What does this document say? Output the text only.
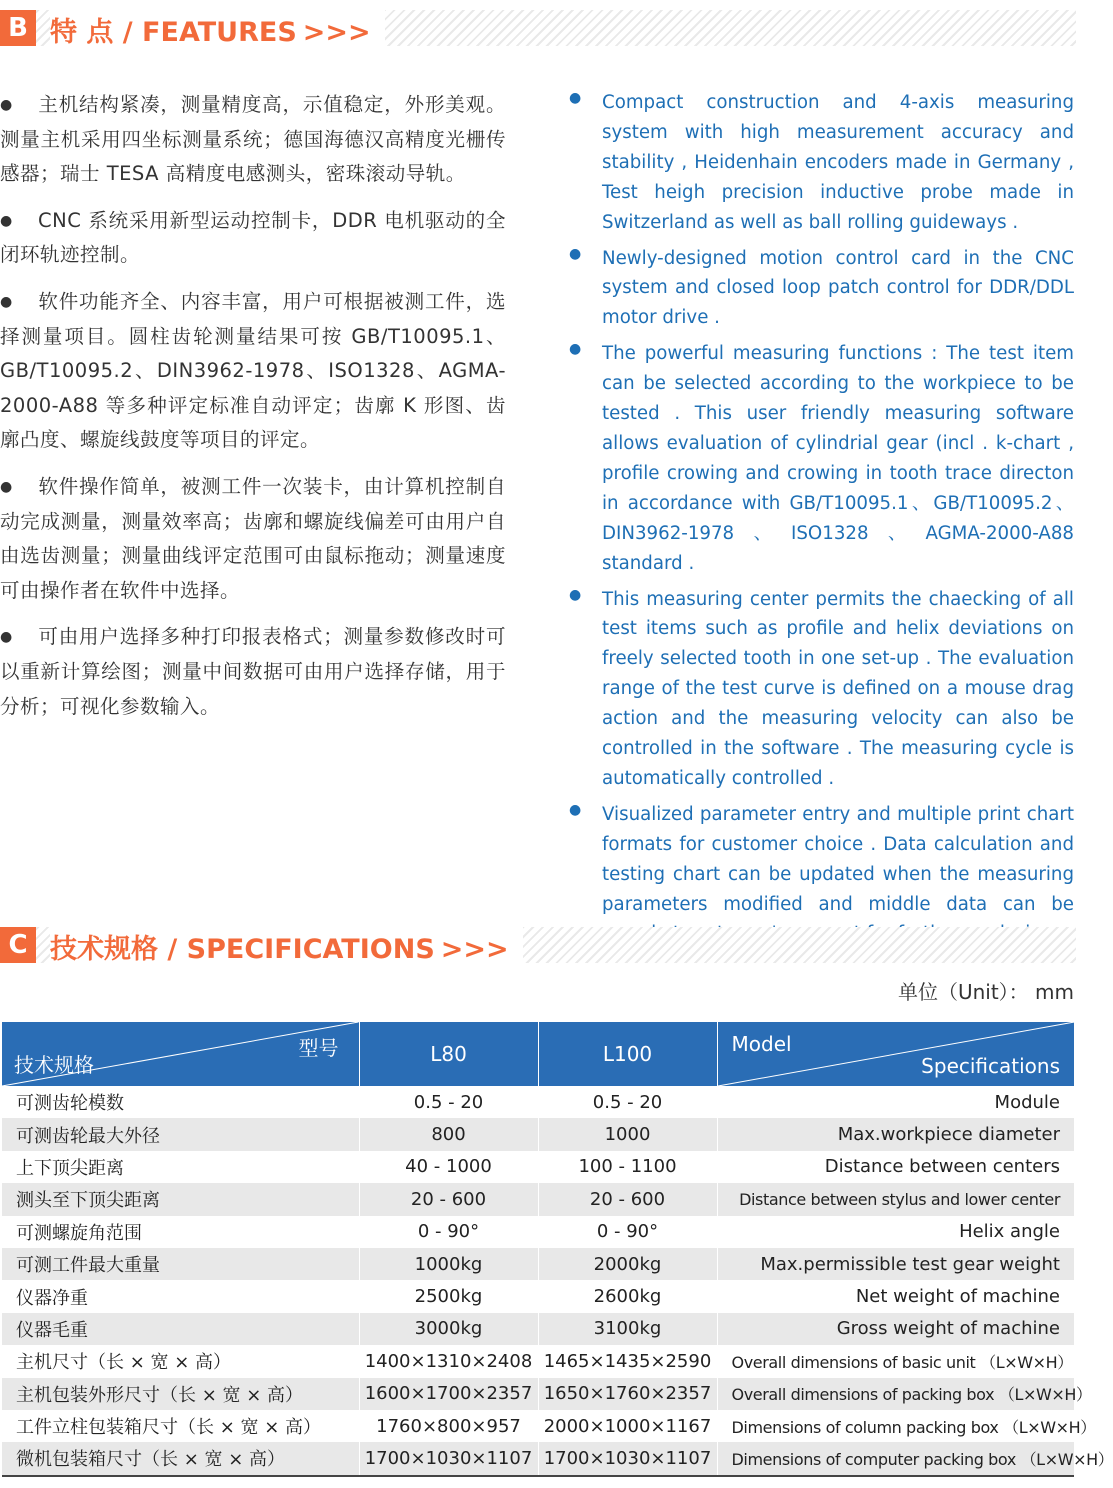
B 特 点 / FEATURES >>>
● 主机结构紧凑，测量精度高，示值稳定，外形美观。测量主机采用四坐标测量系统；德国海德汉高精度光栅传感器；瑞士 TESA 高精度电感测头，密珠滚动导轨。
● CNC 系统采用新型运动控制卡，DDR 电机驱动的全闭环轨迹控制。
● 软件功能齐全、内容丰富，用户可根据被测工件，选择测量项目。圆柱齿轮测量结果可按 GB/T10095.1、GB/T10095.2、DIN3962-1978、ISO1328、AGMA-2000-A88 等多种评定标准自动评定；齿廓 K 形图、齿廓凸度、螺旋线鼓度等项目的评定。
● 软件操作简单，被测工件一次装卡，由计算机控制自动完成测量，测量效率高；齿廓和螺旋线偏差可由用户自由选齿测量；测量曲线评定范围可由鼠标拖动；测量速度可由操作者在软件中选择。
● 可由用户选择多种打印报表格式；测量参数修改时可以重新计算绘图；测量中间数据可由用户选择存储，用于分析；可视化参数输入。
● Compact construction and 4-axis measuring system with high measurement accuracy and stability , Heidenhain encoders made in Germany , Test heigh precision inductive probe made in Switzerland as well as ball rolling guideways .
● Newly-designed motion control card in the CNC system and closed loop patch control for DDR/DDL motor drive .
● The powerful measuring functions : The test item can be selected according to the workpiece to be tested . This user friendly measuring software allows evaluation of cylindrial gear (incl . k-chart , profile crowing and crowing in tooth trace directon in accordance with GB/T10095.1、GB/T10095.2、DIN3962-1978、ISO1328、AGMA-2000-A88 standard .
● This measuring center permits the chaecking of all test items such as profile and helix deviations on freely selected tooth in one set-up . The evaluation range of the test curve is defined on a mouse drag action and the measuring velocity can also be controlled in the software . The measuring cycle is automatically controlled .
● Visualized parameter entry and multiple print chart formats for customer choice . Data calculation and testing chart can be updated when the measuring parameters modified and middle data can be
C 技术规格 / SPECIFICATIONS >>>
单位（Unit）： mm
型号
技术规格	L80	L100	Model
Specifications

可测齿轮模数	0.5 - 20	0.5 - 20	Module
可测齿轮最大外径	800	1000	Max.workpiece diameter
上下顶尖距离	40 - 1000	100 - 1100	Distance between centers
测头至下顶尖距离	20 - 600	20 - 600	Distance between stylus and lower center
可测螺旋角范围	0 - 90°	0 - 90°	Helix angle
可测工件最大重量	1000kg	2000kg	Max.permissible test gear weight
仪器净重	2500kg	2600kg	Net weight of machine
仪器毛重	3000kg	3100kg	Gross weight of machine
主机尺寸（长 × 宽 × 高）	1400×1310×2408	1465×1435×2590	Overall dimensions of basic unit （L×W×H）
主机包装外形尺寸（长 × 宽 × 高）	1600×1700×2357	1650×1760×2357	Overall dimensions of packing box （L×W×H）
工件立柱包装箱尺寸（长 × 宽 × 高）	1760×800×957	2000×1000×1167	Dimensions of column packing box （L×W×H）
微机包装箱尺寸（长 × 宽 × 高）	1700×1030×1107	1700×1030×1107	Dimensions of computer packing box （L×W×H）
